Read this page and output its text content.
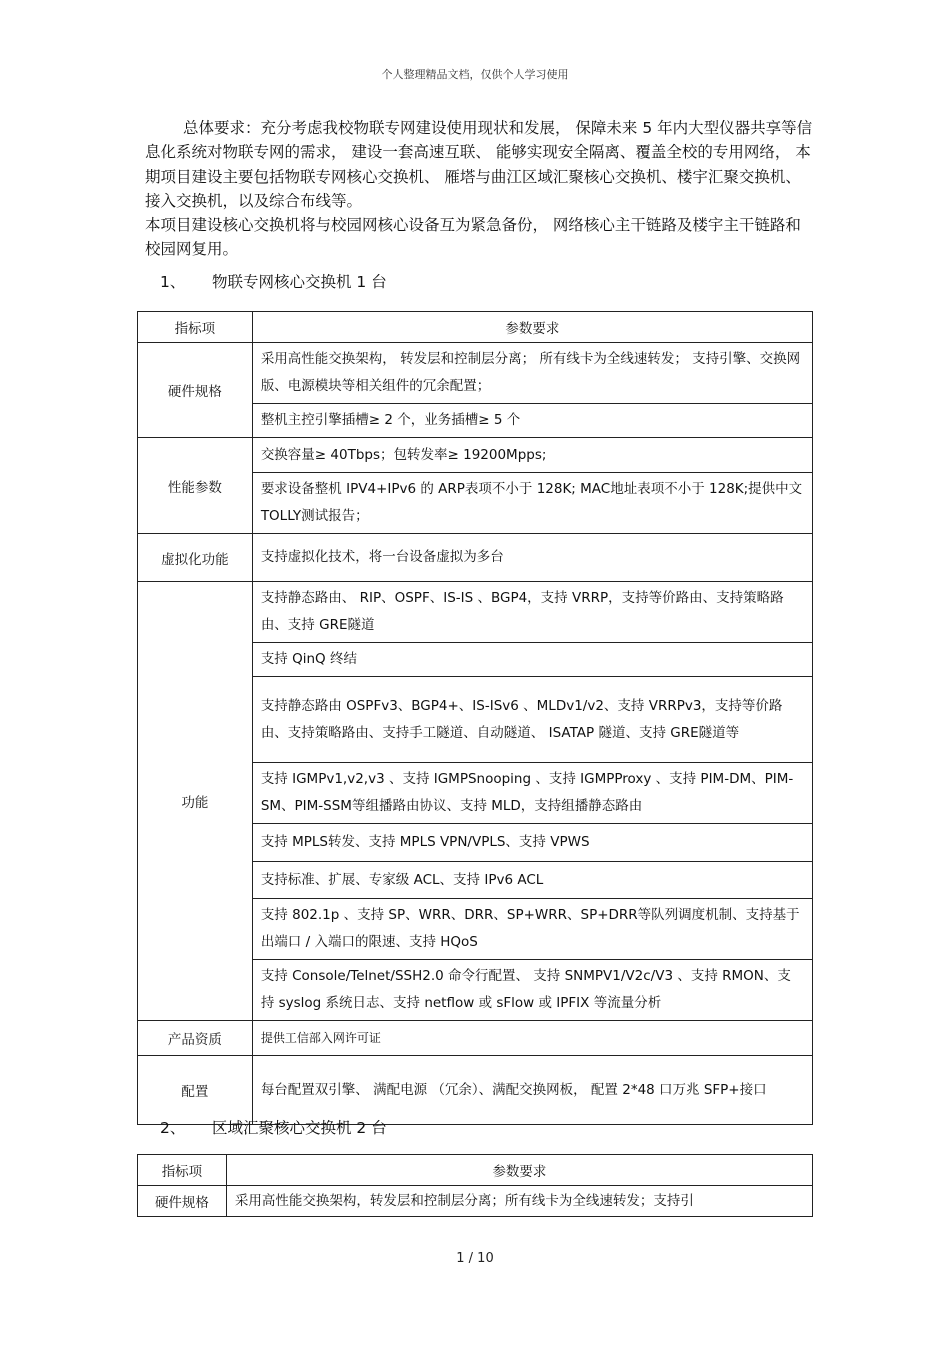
个人整理精品文档，仅供个人学习使用

总体要求：充分考虑我校物联专网建设使用现状和发展， 保障未来 5 年内大型仪器共享等信息化系统对物联专网的需求， 建设一套高速互联、 能够实现安全隔离、覆盖全校的专用网络， 本期项目建设主要包括物联专网核心交换机、 雁塔与曲江区域汇聚核心交换机、楼宇汇聚交换机、接入交换机，以及综合布线等。

本项目建设核心交换机将与校园网核心设备互为紧急备份， 网络核心主干链路及楼宇主干链路和校园网复用。

1、 物联专网核心交换机 1 台
指标项	参数要求
硬件规格	采用高性能交换架构， 转发层和控制层分离； 所有线卡为全线速转发； 支持引擎、交换网版、电源模块等相关组件的冗余配置；
	整机主控引擎插槽≥ 2 个，业务插槽≥ 5 个
性能参数	交换容量≥ 40Tbps；包转发率≥ 19200Mpps;
	要求设备整机 IPV4+IPv6 的 ARP表项不小于 128K; MAC地址表项不小于 128K;提供中文 TOLLY测试报告；
虚拟化功能	支持虚拟化技术，将一台设备虚拟为多台
功能	支持静态路由、 RIP、OSPF、IS-IS 、BGP4，支持 VRRP，支持等价路由、支持策略路由、支持 GRE隧道
	支持 QinQ 终结
	支持静态路由 OSPFv3、BGP4+、IS-ISv6 、MLDv1/v2、支持 VRRPv3，支持等价路由、支持策略路由、支持手工隧道、自动隧道、 ISATAP 隧道、支持 GRE隧道等
	支持 IGMPv1,v2,v3 、支持 IGMPSnooping 、支持 IGMPProxy 、支持 PIM-DM、PIM-SM、PIM-SSM等组播路由协议、支持 MLD，支持组播静态路由
	支持 MPLS转发、支持 MPLS VPN/VPLS、支持 VPWS
	支持标准、扩展、专家级 ACL、支持 IPv6 ACL
	支持 802.1p 、支持 SP、WRR、DRR、SP+WRR、SP+DRR等队列调度机制、支持基于出端口 / 入端口的限速、支持 HQoS
	支持 Console/Telnet/SSH2.0 命令行配置、 支持 SNMPV1/V2c/V3 、支持 RMON、支持 syslog 系统日志、支持 netflow 或 sFlow 或 IPFIX 等流量分析
产品资质	提供工信部入网许可证
配置	每台配置双引擎、 满配电源 （冗余）、满配交换网板， 配置 2*48 口万兆 SFP+接口
2、 区域汇聚核心交换机 2 台
指标项	参数要求
硬件规格	采用高性能交换架构，转发层和控制层分离；所有线卡为全线速转发；支持引
1 / 10
